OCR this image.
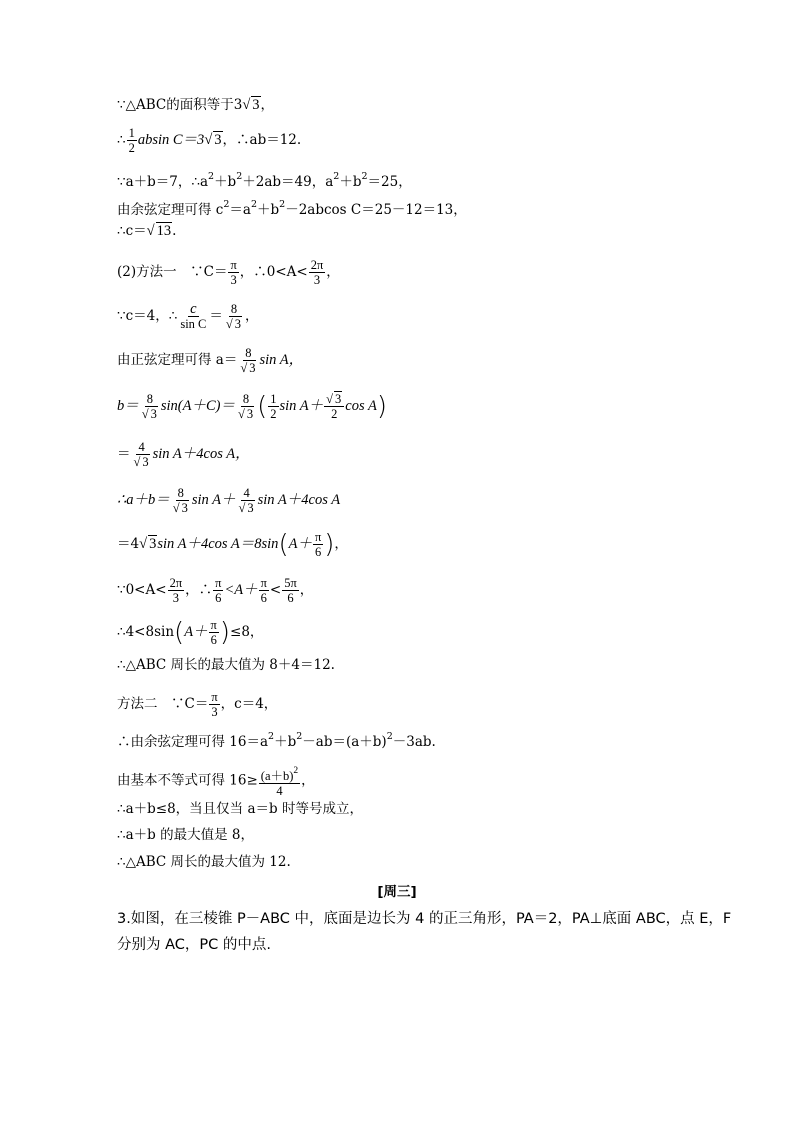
∵△ABC的面积等于3√ 3，
∴ $\frac{1}{2}$ absin C＝3√ 3，∴ab＝12.
∵a＋b＝7，$\therefore a^2+b^2+2ab=49$，$a^2+b^2=25$，
由余弦定理可得 $c^2=a^2+b^2-2abcos$ C＝25－12＝13，
∴c＝√ 13.
(2)方法一　∵C＝ $\frac{\pi}{3}$ ，∴0<A< $\frac{2\pi}{3}$ ，
∵c＝4，∴ $\frac{c}{\text{sin C}} = \frac{8}{√ 3}$ ，
由正弦定理可得 $a= \frac{8}{√ 3}$ sin A，
$b= \frac{8}{√ 3} \sin(A+C)= \frac{8}{√ 3}$ ( $\frac{1}{2}$ $\sin A+ \frac{√ 3}{2}$ cos A)
＝ $\frac{4}{√ 3}$ sin A＋4cos A，
∴a＋b＝ $\frac{8}{√ 3}$ $\sin A+ \frac{4}{√ 3}$ sin A＋4cos A
＝4√ 3sin A＋4cos $A=8\sin(A+ \frac{\pi}{6}$ )，
∵0<A< $\frac{2\pi}{3}$ ，∴ $\frac{\pi}{6} <A+ \frac{\pi}{6} < \frac{5\pi}{6}$ ，
∴4<8sin(A＋ $\frac{\pi}{6} )\le 8$，
∴△ABC 周长的最大值为 8＋4＝12.
方法二　∵C＝ $\frac{\pi}{3}$ ，c＝4，
∴由余弦定理可得 $16=a^2+b^2-ab=(a+b)^2-3ab$.
由基本不等式可得 $16\ge \frac{(a+b)^2}{4}$ ，
∴a＋b≤8，当且仅当 a＝b 时等号成立，
∴a＋b 的最大值是 8，
∴△ABC 周长的最大值为 12.
[周三]
3.如图，在三棱锥 P－ABC 中，底面是边长为 4 的正三角形，PA＝2，PA⊥底面 ABC，点 E，F
分别为 AC，PC 的中点.
